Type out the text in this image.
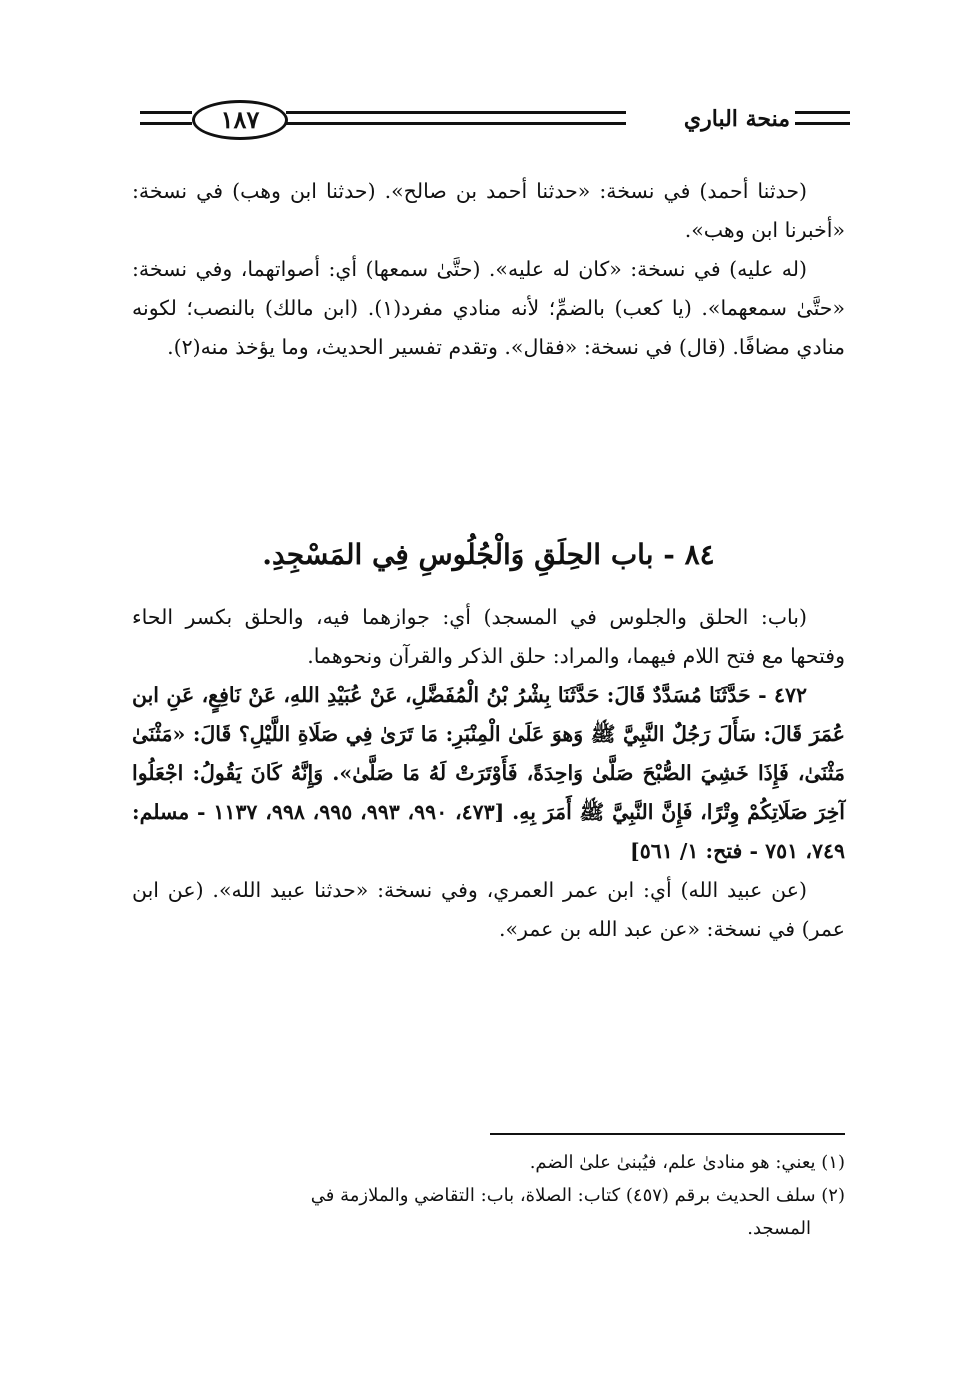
١٨٧	منحة الباري

(حدثنا أحمد) في نسخة: «حدثنا أحمد بن صالح». (حدثنا ابن وهب) في نسخة: «أخبرنا ابن وهب».

(له عليه) في نسخة: «كان له عليه». (حتَّىٰ سمعها) أي: أصواتهما، وفي نسخة: «حتَّىٰ سمعهما». (يا كعب) بالضمِّ؛ لأنه منادي مفرد(١). (ابن مالك) بالنصب؛ لكونه منادي مضافًا. (قال) في نسخة: «فقال». وتقدم تفسير الحديث، وما يؤخذ منه(٢).

٨٤ - باب الحِلَقِ وَالْجُلُوسِ فِي المَسْجِدِ.

(باب: الحلق والجلوس في المسجد) أي: جوازهما فيه، والحلق بكسر الحاء وفتحها مع فتح اللام فيهما، والمراد: حلق الذكر والقرآن ونحوهما.

٤٧٢ - حَدَّثَنَا مُسَدَّدٌ قَالَ: حَدَّثَنَا بِشْرُ بْنُ الْمُفَضَّلِ، عَنْ عُبَيْدِ اللهِ، عَنْ نَافِعٍ، عَنِ ابن عُمَرَ قَالَ: سَأَلَ رَجُلٌ النَّبِيَّ ﷺ وَهوَ عَلَىٰ الْمِنْبَرِ: مَا تَرَىٰ فِي صَلَاةِ اللَّيْلِ؟ قَالَ: «مَثْنَىٰ مَثْنَىٰ، فَإِذَا خَشِيَ الصُّبْحَ صَلَّىٰ وَاحِدَةً، فَأَوْتَرَتْ لَهُ مَا صَلَّىٰ». وَإِنَّهُ كَانَ يَقُولُ: اجْعَلُوا آخِرَ صَلَاتِكُمْ وِتْرًا، فَإِنَّ النَّبِيَّ ﷺ أَمَرَ بِهِ. [٤٧٣، ٩٩٠، ٩٩٣، ٩٩٥، ٩٩٨، ١١٣٧ - مسلم: ٧٤٩، ٧٥١ - فتح: ١/ ٥٦١]

(عن عبيد الله) أي: ابن عمر العمري، وفي نسخة: «حدثنا عبيد الله». (عن ابن عمر) في نسخة: «عن عبد الله بن عمر».

(١) يعني: هو منادىٰ علم، فيُبنىٰ علىٰ الضم.

(٢) سلف الحديث برقم (٤٥٧) كتاب: الصلاة، باب: التقاضي والملازمة في

المسجد.
